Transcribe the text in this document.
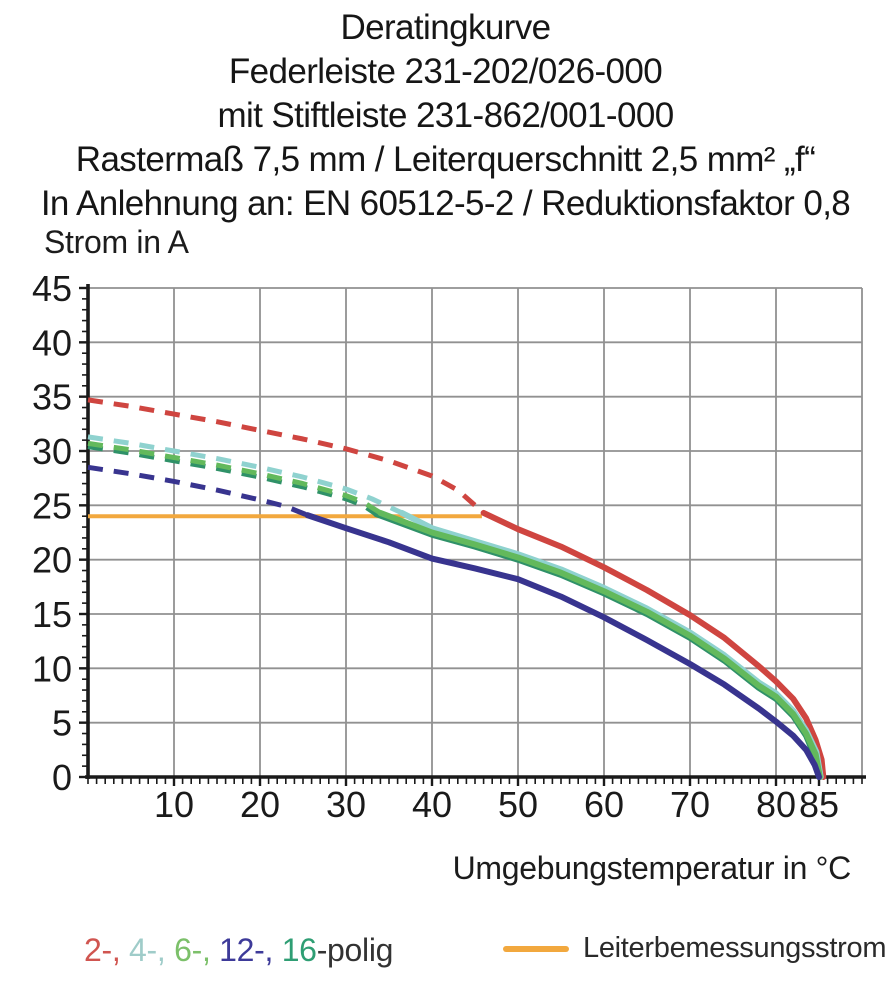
Deratingkurve
Federleiste 231-202/026-000
mit Stiftleiste 231-862/001-000
Rastermaß 7,5 mm / Leiterquerschnitt 2,5 mm² „f“
In Anlehnung an: EN 60512-5-2 / Reduktionsfaktor 0,8
Strom in A
0
5
10
15
20
25
30
35
40
45
10 20 30 40 50 60 70 80 85
Umgebungstemperatur in °C
2-, 4-, 6-, 12-, 16-polig	Leiterbemessungsstrom
